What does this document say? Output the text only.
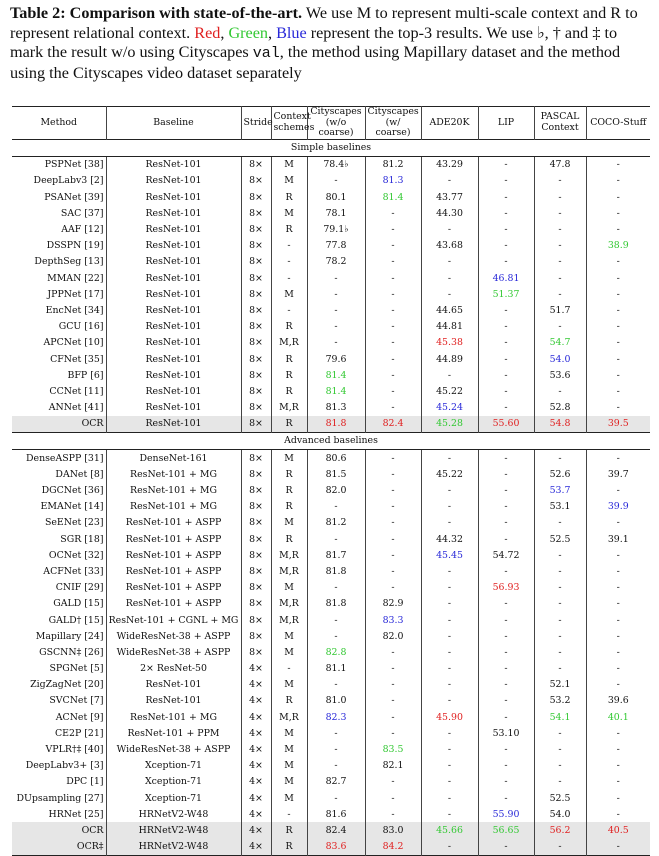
Table 2: Comparison with state-of-the-art. We use M to represent multi-scale context and R to represent relational context. Red, Green, Blue represent the top-3 results. We use ♭, † and ‡ to mark the result w/o using Cityscapes val, the method using Mapillary dataset and the method using the Cityscapes video dataset separately
Method	Baseline	Stride	Context schemes	Cityscapes (w/o coarse)	Cityscapes (w/ coarse)	ADE20K	LIP	PASCAL Context	COCO-Stuff
Simple baselines									
PSPNet [38]	ResNet-101	8×	M	78.4♭	81.2	43.29	-	47.8	-
DeepLabv3 [2]	ResNet-101	8×	M	-	81.3	-	-	-	-
PSANet [39]	ResNet-101	8×	R	80.1	81.4	43.77	-	-	-
SAC [37]	ResNet-101	8×	M	78.1	-	44.30	-	-	-
AAF [12]	ResNet-101	8×	R	79.1♭	-	-	-	-	-
DSSPN [19]	ResNet-101	8×	-	77.8	-	43.68	-	-	38.9
DepthSeg [13]	ResNet-101	8×	-	78.2	-	-	-	-	-
MMAN [22]	ResNet-101	8×	-	-	-	-	46.81	-	-
JPPNet [17]	ResNet-101	8×	M	-	-	-	51.37	-	-
EncNet [34]	ResNet-101	8×	-	-	-	44.65	-	51.7	-
GCU [16]	ResNet-101	8×	R	-	-	44.81	-	-	-
APCNet [10]	ResNet-101	8×	M,R	-	-	45.38	-	54.7	-
CFNet [35]	ResNet-101	8×	R	79.6	-	44.89	-	54.0	-
BFP [6]	ResNet-101	8×	R	81.4	-	-	-	53.6	-
CCNet [11]	ResNet-101	8×	R	81.4	-	45.22	-	-	-
ANNet [41]	ResNet-101	8×	M,R	81.3	-	45.24	-	52.8	-
OCR	ResNet-101	8×	R	81.8	82.4	45.28	55.60	54.8	39.5
Advanced baselines									
DenseASPP [31]	DenseNet-161	8×	M	80.6	-	-	-	-	-
DANet [8]	ResNet-101 + MG	8×	R	81.5	-	45.22	-	52.6	39.7
DGCNet [36]	ResNet-101 + MG	8×	R	82.0	-	-	-	53.7	-
EMANet [14]	ResNet-101 + MG	8×	R	-	-	-	-	53.1	39.9
SeENet [23]	ResNet-101 + ASPP	8×	M	81.2	-	-	-	-	-
SGR [18]	ResNet-101 + ASPP	8×	R	-	-	44.32	-	52.5	39.1
OCNet [32]	ResNet-101 + ASPP	8×	M,R	81.7	-	45.45	54.72	-	-
ACFNet [33]	ResNet-101 + ASPP	8×	M,R	81.8	-	-	-	-	-
CNIF [29]	ResNet-101 + ASPP	8×	M	-	-	-	56.93	-	-
GALD [15]	ResNet-101 + ASPP	8×	M,R	81.8	82.9	-	-	-	-
GALD† [15]	ResNet-101 + CGNL + MG	8×	M,R	-	83.3	-	-	-	-
Mapillary [24]	WideResNet-38 + ASPP	8×	M	-	82.0	-	-	-	-
GSCNN‡ [26]	WideResNet-38 + ASPP	8×	M	82.8	-	-	-	-	-
SPGNet [5]	2× ResNet-50	4×	-	81.1	-	-	-	-	-
ZigZagNet [20]	ResNet-101	4×	M	-	-	-	-	52.1	-
SVCNet [7]	ResNet-101	4×	R	81.0	-	-	-	53.2	39.6
ACNet [9]	ResNet-101 + MG	4×	M,R	82.3	-	45.90	-	54.1	40.1
CE2P [21]	ResNet-101 + PPM	4×	M	-	-	-	53.10	-	-
VPLR†‡ [40]	WideResNet-38 + ASPP	4×	M	-	83.5	-	-	-	-
DeepLabv3+ [3]	Xception-71	4×	M	-	82.1	-	-	-	-
DPC [1]	Xception-71	4×	M	82.7	-	-	-	-	-
DUpsampling [27]	Xception-71	4×	M	-	-	-	-	52.5	-
HRNet [25]	HRNetV2-W48	4×	-	81.6	-	-	55.90	54.0	-
OCR	HRNetV2-W48	4×	R	82.4	83.0	45.66	56.65	56.2	40.5
OCR‡	HRNetV2-W48	4×	R	83.6	84.2	-	-	-	-
